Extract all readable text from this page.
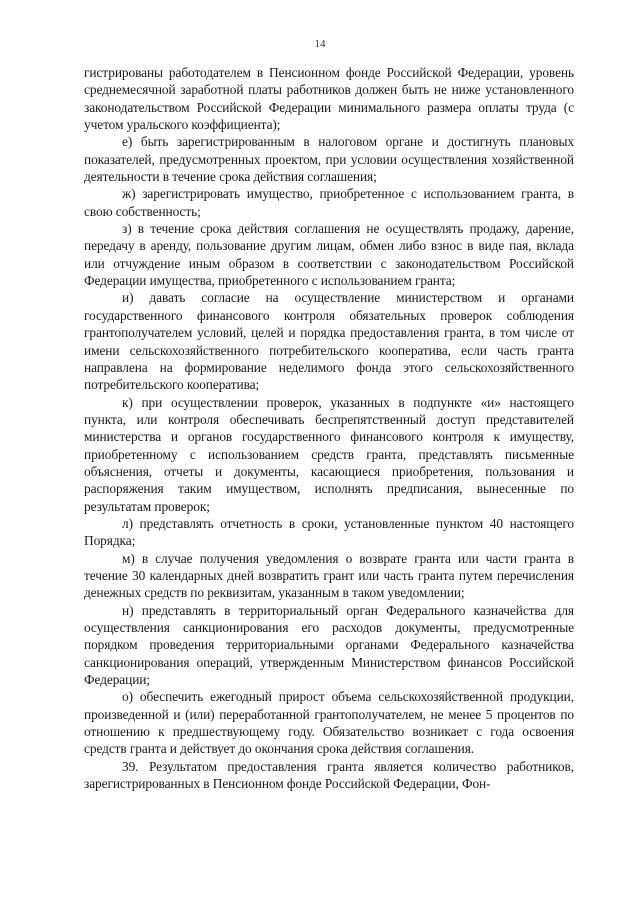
14

гистрированы работодателем в Пенсионном фонде Российской Федерации, уровень среднемесячной заработной платы работников должен быть не ниже установленного законодательством Российской Федерации минимального размера оплаты труда (с учетом уральского коэффициента);

е) быть зарегистрированным в налоговом органе и достигнуть плановых показателей, предусмотренных проектом, при условии осуществления хозяйственной деятельности в течение срока действия соглашения;

ж) зарегистрировать имущество, приобретенное с использованием гранта, в свою собственность;

з) в течение срока действия соглашения не осуществлять продажу, дарение, передачу в аренду, пользование другим лицам, обмен либо взнос в виде пая, вклада или отчуждение иным образом в соответствии с законодательством Российской Федерации имущества, приобретенного с использованием гранта;

и) давать согласие на осуществление министерством и органами государственного финансового контроля обязательных проверок соблюдения грантополучателем условий, целей и порядка предоставления гранта, в том числе от имени сельскохозяйственного потребительского кооператива, если часть гранта направлена на формирование неделимого фонда этого сельскохозяйственного потребительского кооператива;

к) при осуществлении проверок, указанных в подпункте «и» настоящего пункта, или контроля обеспечивать беспрепятственный доступ представителей министерства и органов государственного финансового контроля к имуществу, приобретенному с использованием средств гранта, представлять письменные объяснения, отчеты и документы, касающиеся приобретения, пользования и распоряжения таким имуществом, исполнять предписания, вынесенные по результатам проверок;

л) представлять отчетность в сроки, установленные пунктом 40 настоящего Порядка;

м) в случае получения уведомления о возврате гранта или части гранта в течение 30 календарных дней возвратить грант или часть гранта путем перечисления денежных средств по реквизитам, указанным в таком уведомлении;

н) представлять в территориальный орган Федерального казначейства для осуществления санкционирования его расходов документы, предусмотренные порядком проведения территориальными органами Федерального казначейства санкционирования операций, утвержденным Министерством финансов Российской Федерации;

о) обеспечить ежегодный прирост объема сельскохозяйственной продукции, произведенной и (или) переработанной грантополучателем, не менее 5 процентов по отношению к предшествующему году. Обязательство возникает с года освоения средств гранта и действует до окончания срока действия соглашения.

39. Результатом предоставления гранта является количество работников, зарегистрированных в Пенсионном фонде Российской Федерации, Фон-
